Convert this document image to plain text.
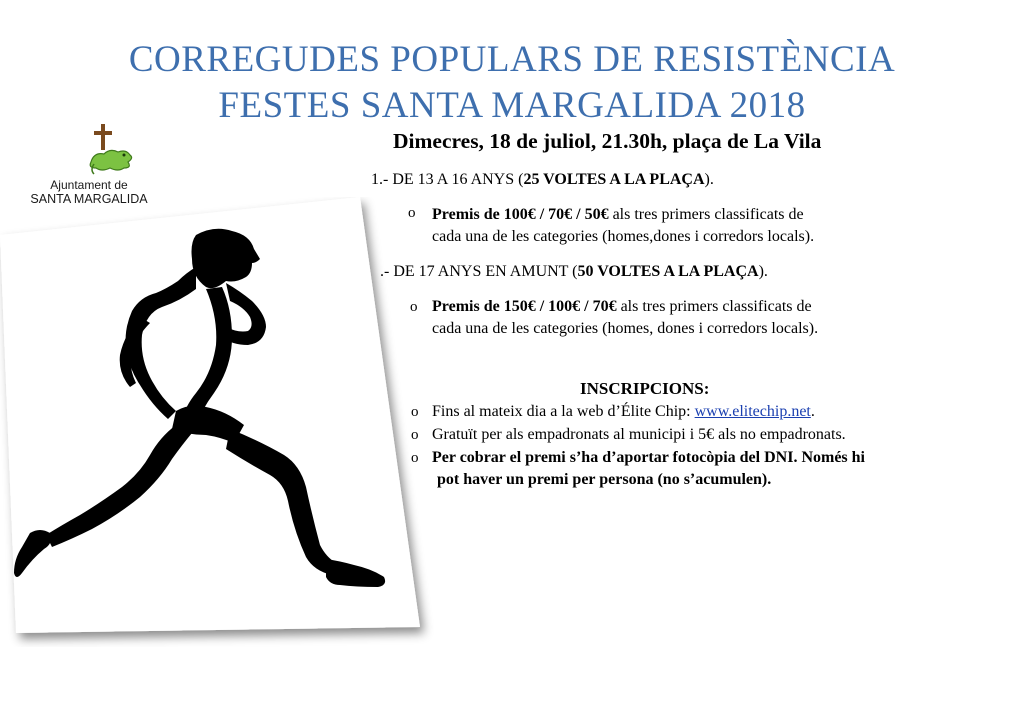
CORREGUDES POPULARS DE RESISTÈNCIA
FESTES SANTA MARGALIDA 2018
Ajuntament de
SANTA MARGALIDA
Dimecres, 18 de juliol, 21.30h, plaça de La Vila
1.- DE 13 A 16 ANYS (25 VOLTES A LA PLAÇA).
o Premis de 100€ / 70€ / 50€ als tres primers classificats de
cada una de les categories (homes,dones i corredors locals).
.- DE 17 ANYS EN AMUNT (50 VOLTES A LA PLAÇA).
o Premis de 150€ / 100€ / 70€ als tres primers classificats de
cada una de les categories (homes, dones i corredors locals).
INSCRIPCIONS:
o Fins al mateix dia a la web d’Élite Chip: www.elitechip.net.
o Gratuït per als empadronats al municipi i 5€ als no empadronats.
o Per cobrar el premi s’ha d’aportar fotocòpia del DNI. Només hi
pot haver un premi per persona (no s’acumulen).
